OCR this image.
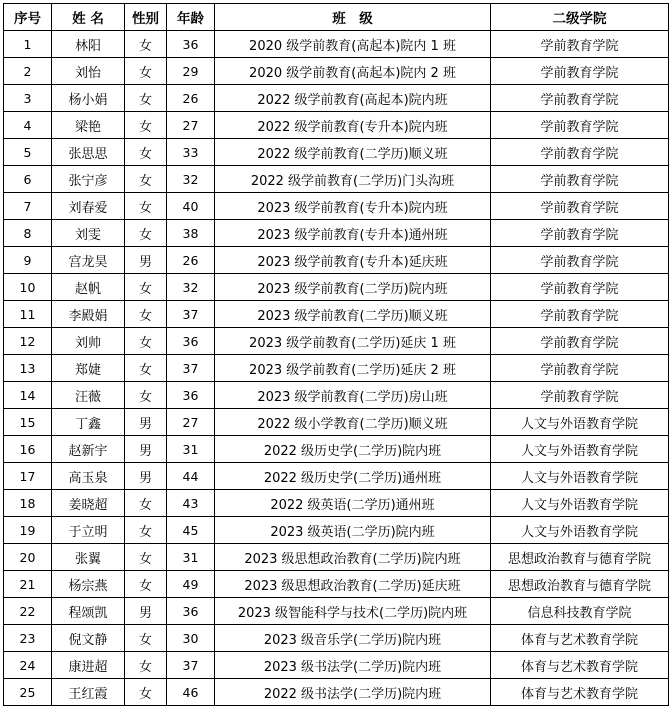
序号	姓 名	性别	年龄	班　级	二级学院
1	林阳	女	36	2020 级学前教育(高起本)院内 1 班	学前教育学院
2	刘怡	女	29	2020 级学前教育(高起本)院内 2 班	学前教育学院
3	杨小娟	女	26	2022 级学前教育(高起本)院内班	学前教育学院
4	梁艳	女	27	2022 级学前教育(专升本)院内班	学前教育学院
5	张思思	女	33	2022 级学前教育(二学历)顺义班	学前教育学院
6	张宁彦	女	32	2022 级学前教育(二学历)门头沟班	学前教育学院
7	刘春爱	女	40	2023 级学前教育(专升本)院内班	学前教育学院
8	刘雯	女	38	2023 级学前教育(专升本)通州班	学前教育学院
9	宫龙昊	男	26	2023 级学前教育(专升本)延庆班	学前教育学院
10	赵帆	女	32	2023 级学前教育(二学历)院内班	学前教育学院
11	李殿娟	女	37	2023 级学前教育(二学历)顺义班	学前教育学院
12	刘帅	女	36	2023 级学前教育(二学历)延庆 1 班	学前教育学院
13	郑婕	女	37	2023 级学前教育(二学历)延庆 2 班	学前教育学院
14	汪薇	女	36	2023 级学前教育(二学历)房山班	学前教育学院
15	丁鑫	男	27	2022 级小学教育(二学历)顺义班	人文与外语教育学院
16	赵新宇	男	31	2022 级历史学(二学历)院内班	人文与外语教育学院
17	高玉泉	男	44	2022 级历史学(二学历)通州班	人文与外语教育学院
18	姜晓超	女	43	2022 级英语(二学历)通州班	人文与外语教育学院
19	于立明	女	45	2023 级英语(二学历)院内班	人文与外语教育学院
20	张翼	女	31	2023 级思想政治教育(二学历)院内班	思想政治教育与德育学院
21	杨宗燕	女	49	2023 级思想政治教育(二学历)延庆班	思想政治教育与德育学院
22	程颂凯	男	36	2023 级智能科学与技术(二学历)院内班	信息科技教育学院
23	倪文静	女	30	2023 级音乐学(二学历)院内班	体育与艺术教育学院
24	康进超	女	37	2023 级书法学(二学历)院内班	体育与艺术教育学院
25	王红霞	女	46	2022 级书法学(二学历)院内班	体育与艺术教育学院
